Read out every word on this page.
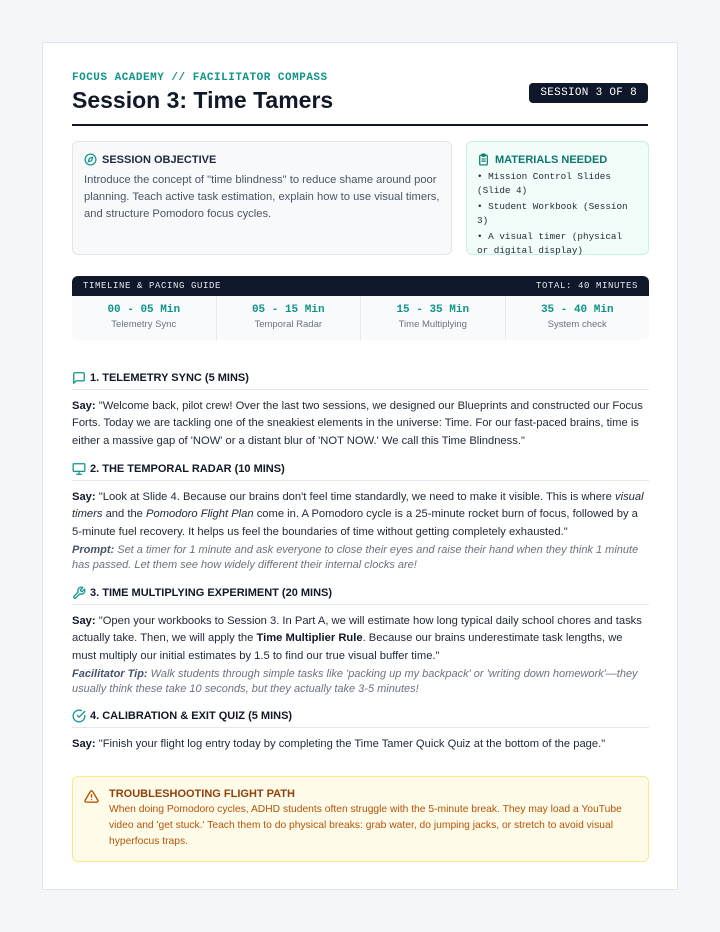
FOCUS ACADEMY // FACILITATOR COMPASS
Session 3: Time Tamers	SESSION 3 OF 8
SESSION OBJECTIVE

Introduce the concept of "time blindness" to reduce shame around poor planning. Teach active task estimation, explain how to use visual timers, and structure Pomodoro focus cycles.

MATERIALS NEEDED
• Mission Control Slides (Slide 4)
• Student Workbook (Session 3)
• A visual timer (physical or digital display)
TIMELINE & PACING GUIDE	TOTAL: 40 MINUTES
00 - 05 Min
Telemetry Sync
05 - 15 Min
Temporal Radar
15 - 35 Min
Time Multiplying
35 - 40 Min
System check
1. TELEMETRY SYNC (5 MINS)
Say: "Welcome back, pilot crew! Over the last two sessions, we designed our Blueprints and constructed our Focus Forts. Today we are tackling one of the sneakiest elements in the universe: Time. For our fast-paced brains, time is either a massive gap of 'NOW' or a distant blur of 'NOT NOW.' We call this Time Blindness."
2. THE TEMPORAL RADAR (10 MINS)
Say: "Look at Slide 4. Because our brains don't feel time standardly, we need to make it visible. This is where visual timers and the Pomodoro Flight Plan come in. A Pomodoro cycle is a 25-minute rocket burn of focus, followed by a 5-minute fuel recovery. It helps us feel the boundaries of time without getting completely exhausted."
Prompt: Set a timer for 1 minute and ask everyone to close their eyes and raise their hand when they think 1 minute has passed. Let them see how widely different their internal clocks are!
3. TIME MULTIPLYING EXPERIMENT (20 MINS)
Say: "Open your workbooks to Session 3. In Part A, we will estimate how long typical daily school chores and tasks actually take. Then, we will apply the Time Multiplier Rule. Because our brains underestimate task lengths, we must multiply our initial estimates by 1.5 to find our true visual buffer time."
Facilitator Tip: Walk students through simple tasks like 'packing up my backpack' or 'writing down homework'—they usually think these take 10 seconds, but they actually take 3-5 minutes!
4. CALIBRATION & EXIT QUIZ (5 MINS)
Say: "Finish your flight log entry today by completing the Time Tamer Quick Quiz at the bottom of the page."
TROUBLESHOOTING FLIGHT PATH

When doing Pomodoro cycles, ADHD students often struggle with the 5-minute break. They may load a YouTube video and 'get stuck.' Teach them to do physical breaks: grab water, do jumping jacks, or stretch to avoid visual hyperfocus traps.
